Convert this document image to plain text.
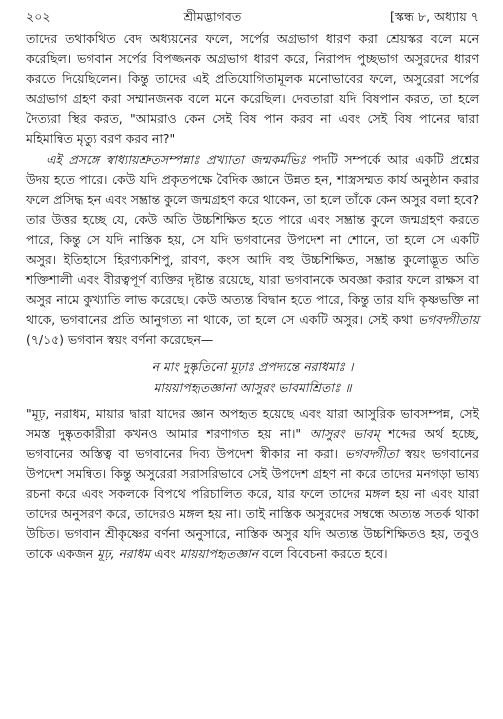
২০২	শ্রীমদ্ভাগবত	[স্কন্ধ ৮, অধ্যায় ৭

তাদের তথাকথিত বেদ অধ্যয়নের ফলে, সর্পের অগ্রভাগ ধারণ করা শ্রেয়স্কর বলে মনে করেছিল। ভগবান সর্পের বিপজ্জনক অগ্রভাগ ধারণ করে, নিরাপদ পুচ্ছভাগ অসুরদের ধারণ করতে দিয়েছিলেন। কিন্তু তাদের এই প্রতিযোগিতামূলক মনোভাবের ফলে, অসুরেরা সর্পের অগ্রভাগ গ্রহণ করা সম্মানজনক বলে মনে করেছিল। দেবতারা যদি বিষপান করত, তা হলে দৈত্যরা স্থির করত, "আমরাও কেন সেই বিষ পান করব না এবং সেই বিষ পানের দ্বারা মহিমান্বিত মৃত্যু বরণ করব না?"

এই প্রসঙ্গে স্বাধ্যায়শ্রুতসম্পন্নাঃ প্রখ্যাতা জন্মকর্মভিঃ পদটি সম্পর্কে আর একটি প্রশ্নের উদয় হতে পারে। কেউ যদি প্রকৃতপক্ষে বৈদিক জ্ঞানে উন্নত হন, শাস্ত্রসম্মত কার্য অনুষ্ঠান করার ফলে প্রসিদ্ধ হন এবং সম্ভ্রান্ত কুলে জন্মগ্রহণ করে থাকেন, তা হলে তাঁকে কেন অসুর বলা হবে? তার উত্তর হচ্ছে যে, কেউ অতি উচ্চশিক্ষিত হতে পারে এবং সম্ভ্রান্ত কুলে জন্মগ্রহণ করতে পারে, কিন্তু সে যদি নাস্তিক হয়, সে যদি ভগবানের উপদেশ না শোনে, তা হলে সে একটি অসুর। ইতিহাসে হিরণ্যকশিপু, রাবণ, কংস আদি বহু উচ্চশিক্ষিত, সম্ভ্রান্ত কুলোদ্ভূত অতি শক্তিশালী এবং বীরত্বপূর্ণ ব্যক্তির দৃষ্টান্ত রয়েছে, যারা ভগবানকে অবজ্ঞা করার ফলে রাক্ষস বা অসুর নামে কুখ্যাতি লাভ করেছে। কেউ অত্যন্ত বিদ্বান হতে পারে, কিন্তু তার যদি কৃষ্ণভক্তি না থাকে, ভগবানের প্রতি আনুগত্য না থাকে, তা হলে সে একটি অসুর। সেই কথা ভগবদ্গীতায় (৭/১৫) ভগবান স্বয়ং বর্ণনা করেছেন—

ন মাং দুষ্কৃতিনো মূঢ়াঃ প্রপদ্যন্তে নরাধমাঃ ।
মায়য়াপহৃতজ্ঞানা আসুরং ভাবমাশ্রিতাঃ ॥

"মূঢ়, নরাধম, মায়ার দ্বারা যাদের জ্ঞান অপহৃত হয়েছে এবং যারা আসুরিক ভাবসম্পন্ন, সেই সমস্ত দুষ্কৃতকারীরা কখনও আমার শরণাগত হয় না।" আসুরং ভাবম্ শব্দের অর্থ হচ্ছে, ভগবানের অস্তিত্ব বা ভগবানের দিব্য উপদেশ স্বীকার না করা। ভগবদ্গীতা স্বয়ং ভগবানের উপদেশ সমন্বিত। কিন্তু অসুরেরা সরাসরিভাবে সেই উপদেশ গ্রহণ না করে তাদের মনগড়া ভাষ্য রচনা করে এবং সকলকে বিপথে পরিচালিত করে, যার ফলে তাদের মঙ্গল হয় না এবং যারা তাদের অনুসরণ করে, তাদেরও মঙ্গল হয় না। তাই নাস্তিক অসুরদের সম্বন্ধে অত্যন্ত সতর্ক থাকা উচিত। ভগবান শ্রীকৃষ্ণের বর্ণনা অনুসারে, নাস্তিক অসুর যদি অত্যন্ত উচ্চশিক্ষিতও হয়, তবুও তাকে একজন মূঢ়, নরাধম এবং মায়য়াপহৃতজ্ঞান বলে বিবেচনা করতে হবে।
